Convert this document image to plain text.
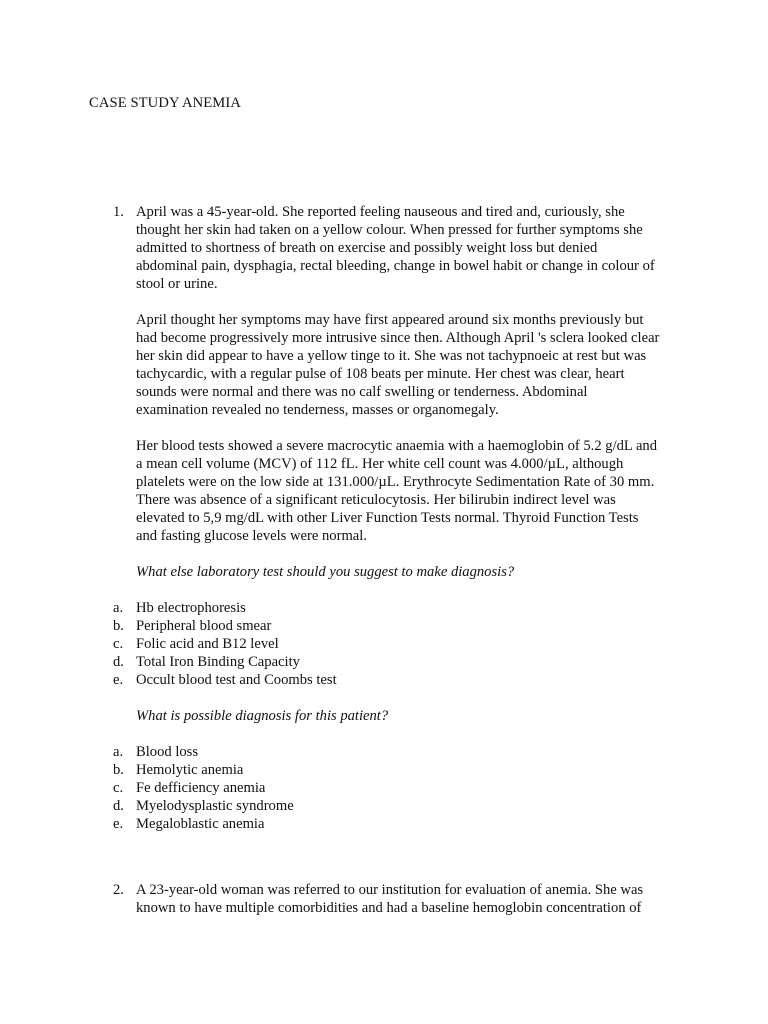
CASE STUDY ANEMIA
1. April was a 45-year-old. She reported feeling nauseous and tired and, curiously, she
thought her skin had taken on a yellow colour. When pressed for further symptoms she
admitted to shortness of breath on exercise and possibly weight loss but denied
abdominal pain, dysphagia, rectal bleeding, change in bowel habit or change in colour of
stool or urine.

April thought her symptoms may have first appeared around six months previously but
had become progressively more intrusive since then. Although April 's sclera looked clear
her skin did appear to have a yellow tinge to it. She was not tachypnoeic at rest but was
tachycardic, with a regular pulse of 108 beats per minute. Her chest was clear, heart
sounds were normal and there was no calf swelling or tenderness. Abdominal
examination revealed no tenderness, masses or organomegaly.

Her blood tests showed a severe macrocytic anaemia with a haemoglobin of 5.2 g/dL and
a mean cell volume (MCV) of 112 fL. Her white cell count was 4.000/µL, although
platelets were on the low side at 131.000/µL. Erythrocyte Sedimentation Rate of 30 mm.
There was absence of a significant reticulocytosis. Her bilirubin indirect level was
elevated to 5,9 mg/dL with other Liver Function Tests normal. Thyroid Function Tests
and fasting glucose levels were normal.

What else laboratory test should you suggest to make diagnosis?

a. Hb electrophoresis
b. Peripheral blood smear
c. Folic acid and B12 level
d. Total Iron Binding Capacity
e. Occult blood test and Coombs test

What is possible diagnosis for this patient?

a. Blood loss
b. Hemolytic anemia
c. Fe defficiency anemia
d. Myelodysplastic syndrome
e. Megaloblastic anemia
2. A 23-year-old woman was referred to our institution for evaluation of anemia. She was
known to have multiple comorbidities and had a baseline hemoglobin concentration of
